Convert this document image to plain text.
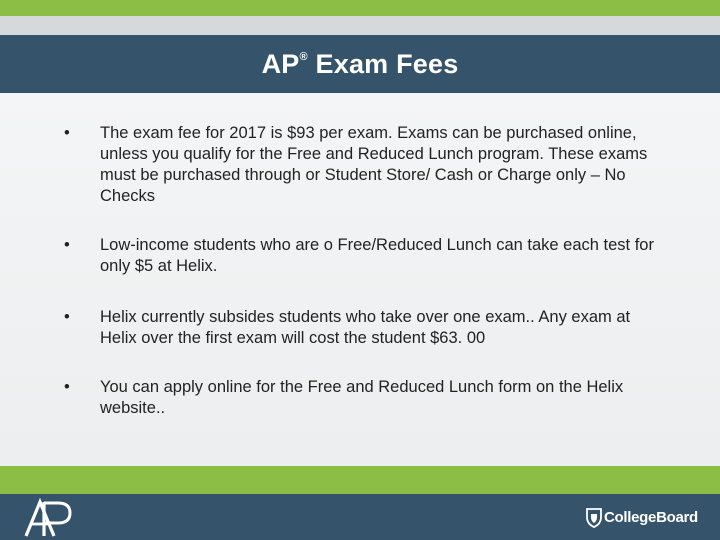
AP® Exam Fees
• The exam fee for 2017 is $93 per exam. Exams can be purchased online, unless you qualify for the Free and Reduced Lunch program. These exams must be purchased through or Student Store/ Cash or Charge only – No Checks
• Low-income students who are o Free/Reduced Lunch can take each test for only $5 at Helix.
• Helix currently subsides students who take over one exam.. Any exam at Helix over the first exam will cost the student $63. 00
• You can apply online for the Free and Reduced Lunch form on the Helix website..
CollegeBoard
